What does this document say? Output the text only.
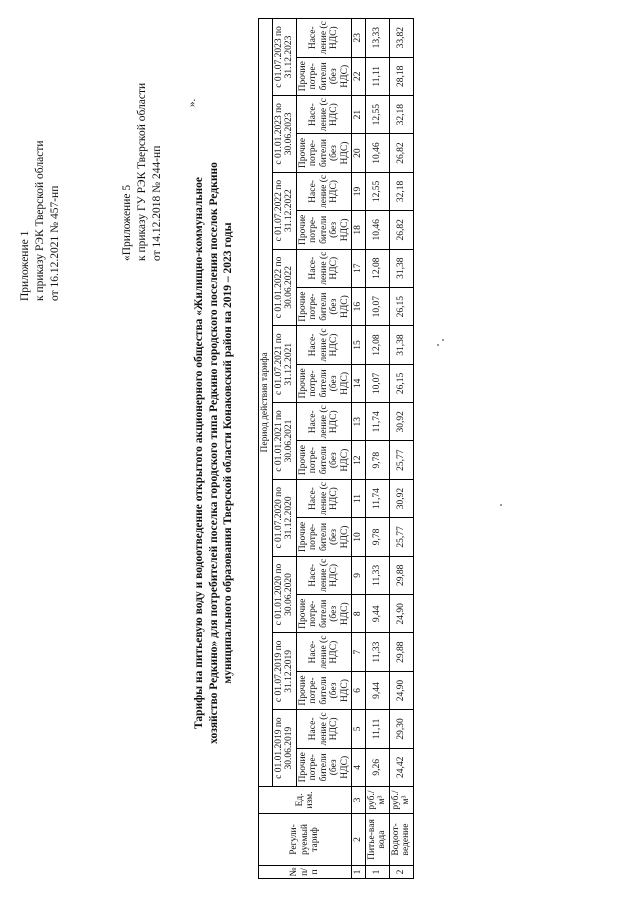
Приложение 1 к приказу РЭК Тверской области от 16.12.2021 № 457-нп	«Приложение 5 к приказу ГУ РЭК Тверской области от 14.12.2018 № 244-нп	Тарифы на питьевую воду и водоотведение открытого акционерного общества «Жилищно-коммунальное хозяйство Редкино» для потребителей поселка городского типа Редкино городского поселения поселок Редкино муниципального образования Тверской области Конаковский район на 2019 – 2023 годы
».
№ п/ п	Регули-руемый тариф	Ед. изм.	Период действия тарифа																			
			с 01.01.2019 по 30.06.2019		с 01.07.2019 по 31.12.2019		с 01.01.2020 по 30.06.2020		с 01.07.2020 по 31.12.2020		с 01.01.2021 по 30.06.2021		с 01.07.2021 по 31.12.2021		с 01.01.2022 по 30.06.2022		с 01.07.2022 по 31.12.2022		с 01.01.2023 по 30.06.2023		с 01.07.2023 по 31.12.2023	
			Прочие потре-бители (без НДС)	Насе-ление (с НДС)	Прочие потре-бители (без НДС)	Насе-ление (с НДС)	Прочие потре-бители (без НДС)	Насе-ление (с НДС)	Прочие потре-бители (без НДС)	Насе-ление (с НДС)	Прочие потре-бители (без НДС)	Насе-ление (с НДС)	Прочие потре-бители (без НДС)	Насе-ление (с НДС)	Прочие потре-бители (без НДС)	Насе-ление (с НДС)	Прочие потре-бители (без НДС)	Насе-ление (с НДС)	Прочие потре-бители (без НДС)	Насе-ление (с НДС)	Прочие потре-бители (без НДС)	Насе-ление (с НДС)
1	2	3	4	5	6	7	8	9	10	11	12	13	14	15	16	17	18	19	20	21	22	23
1	Питье-вая вода	руб./м³	9,26	11,11	9,44	11,33	9,44	11,33	9,78	11,74	9,78	11,74	10,07	12,08	10,07	12,08	10,46	12,55	10,46	12,55	11,11	13,33
2	Водоот-ведение	руб./м³	24,42	29,30	24,90	29,88	24,90	29,88	25,77	30,92	25,77	30,92	26,15	31,38	26,15	31,38	26,82	32,18	26,82	32,18	28,18	33,82
